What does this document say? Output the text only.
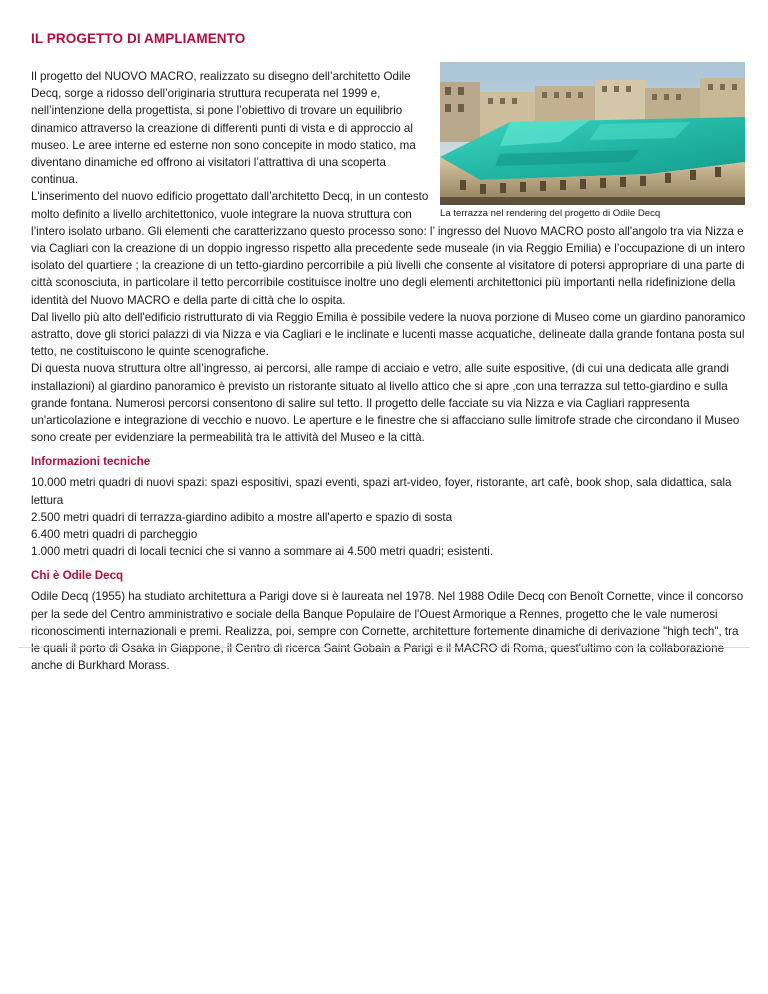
IL PROGETTO DI AMPLIAMENTO
La terrazza nel rendering del progetto di Odile Decq

Il progetto del NUOVO MACRO, realizzato su disegno dell’architetto Odile Decq, sorge a ridosso dell’originaria struttura recuperata nel 1999 e, nell’intenzione della progettista, si pone l’obiettivo di trovare un equilibrio dinamico attraverso la creazione di differenti punti di vista e di approccio al museo. Le aree interne ed esterne non sono concepite in modo statico, ma diventano dinamiche ed offrono ai visitatori l’attrattiva di una scoperta continua.

L'inserimento del nuovo edificio progettato dall’architetto Decq, in un contesto molto definito a livello architettonico, vuole integrare la nuova struttura con l’intero isolato urbano. Gli elementi che caratterizzano questo processo sono: l’ ingresso del Nuovo MACRO posto all'angolo tra via Nizza e via Cagliari con la creazione di un doppio ingresso rispetto alla precedente sede museale (in via Reggio Emilia) e l’occupazione di un intero isolato del quartiere ; la creazione di un tetto-giardino percorribile a più livelli che consente al visitatore di potersi appropriare di una parte di città sconosciuta, in particolare il tetto percorribile costituisce inoltre uno degli elementi architettonici più importanti nella ridefinizione della identità del Nuovo MACRO e della parte di città che lo ospita.

Dal livello più alto dell'edificio ristrutturato di via Reggio Emilia è possibile vedere la nuova porzione di Museo come un giardino panoramico astratto, dove gli storici palazzi di via Nizza e via Cagliari e le inclinate e lucenti masse acquatiche, delineate dalla grande fontana posta sul tetto, ne costituiscono le quinte scenografiche.

Di questa nuova struttura oltre all’ingresso, ai percorsi, alle rampe di acciaio e vetro, alle suite espositive, (di cui una dedicata alle grandi installazioni) al giardino panoramico è previsto un ristorante situato al livello attico che si apre ,con una terrazza sul tetto-giardino e sulla grande fontana. Numerosi percorsi consentono di salire sul tetto. Il progetto delle facciate su via Nizza e via Cagliari rappresenta un'articolazione e integrazione di vecchio e nuovo. Le aperture e le finestre che si affacciano sulle limitrofe strade che circondano il Museo sono create per evidenziare la permeabilità tra le attività del Museo e la città.

Informazioni tecniche
10.000 metri quadri di nuovi spazi: spazi espositivi, spazi eventi, spazi art-video, foyer, ristorante, art cafè, book shop, sala didattica, sala lettura
2.500 metri quadri di terrazza-giardino adibito a mostre all'aperto e spazio di sosta
6.400 metri quadri di parcheggio
1.000 metri quadri di locali tecnici che si vanno a sommare ai 4.500 metri quadri; esistenti.
Chi è Odile Decq

Odile Decq (1955) ha studiato architettura a Parigi dove si è laureata nel 1978. Nel 1988 Odile Decq con Benoît Cornette, vince il concorso per la sede del Centro amministrativo e sociale della Banque Populaire de l'Ouest Armorique a Rennes, progetto che le vale numerosi riconoscimenti internazionali e premi. Realizza, poi, sempre con Cornette, architetture fortemente dinamiche di derivazione "high tech", tra le quali il porto di Osaka in Giappone, il Centro di ricerca Saint Gobain a Parigi e il MACRO di Roma, quest'ultimo con la collaborazione anche di Burkhard Morass.
